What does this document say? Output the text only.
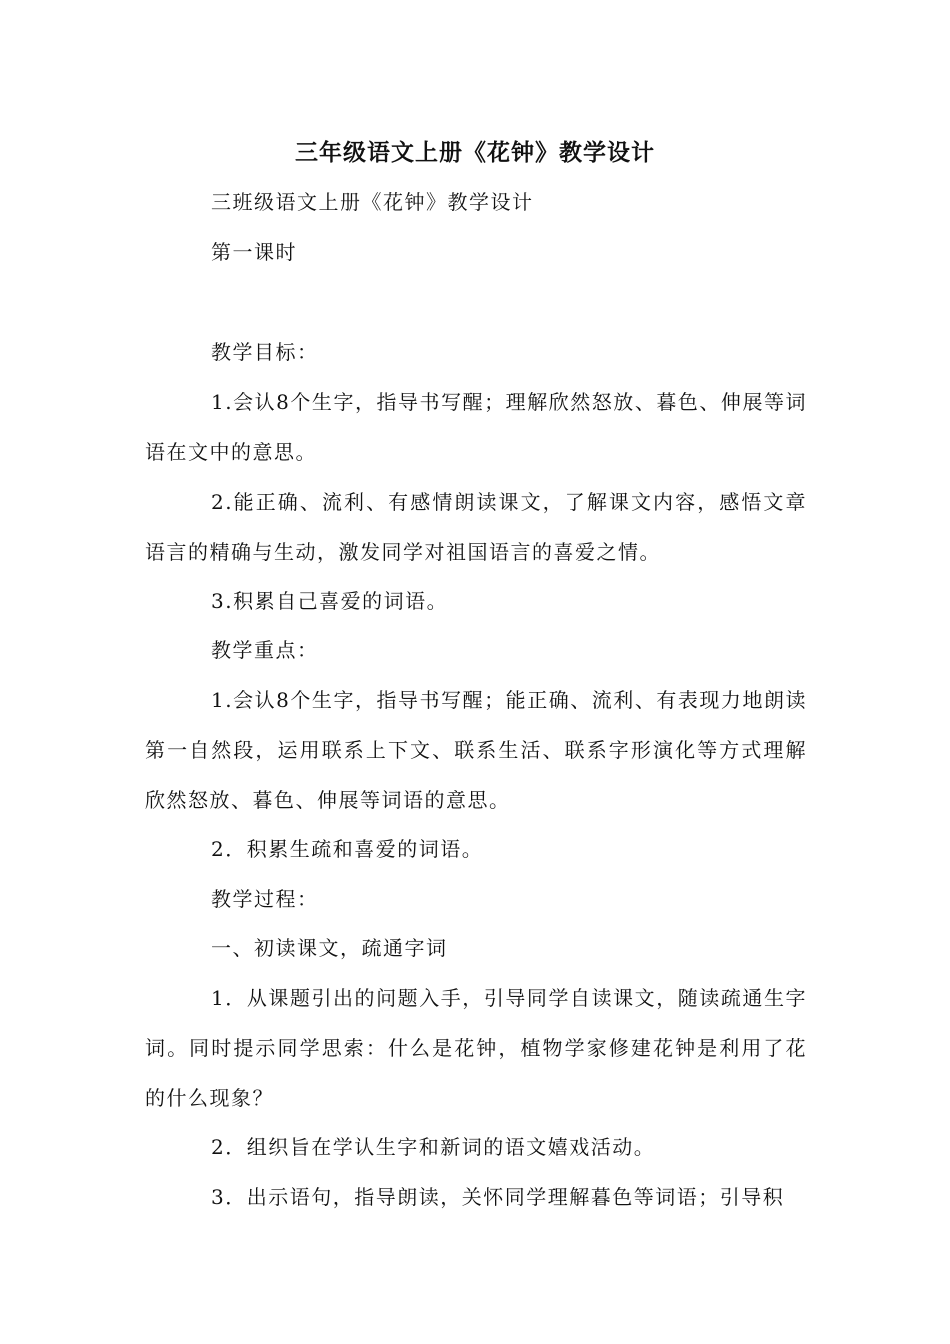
三年级语文上册《花钟》教学设计

三班级语文上册《花钟》教学设计

第一课时

教学目标：

1.会认8个生字，指导书写醒；理解欣然怒放、暮色、伸展等词语在文中的意思。

2.能正确、流利、有感情朗读课文，了解课文内容，感悟文章语言的精确与生动，激发同学对祖国语言的喜爱之情。

3.积累自己喜爱的词语。

教学重点：

1.会认8个生字，指导书写醒；能正确、流利、有表现力地朗读第一自然段，运用联系上下文、联系生活、联系字形演化等方式理解欣然怒放、暮色、伸展等词语的意思。

2．积累生疏和喜爱的词语。

教学过程：

一、初读课文，疏通字词

1．从课题引出的问题入手，引导同学自读课文，随读疏通生字词。同时提示同学思索：什么是花钟，植物学家修建花钟是利用了花的什么现象？

2．组织旨在学认生字和新词的语文嬉戏活动。

3．出示语句，指导朗读，关怀同学理解暮色等词语；引导积
